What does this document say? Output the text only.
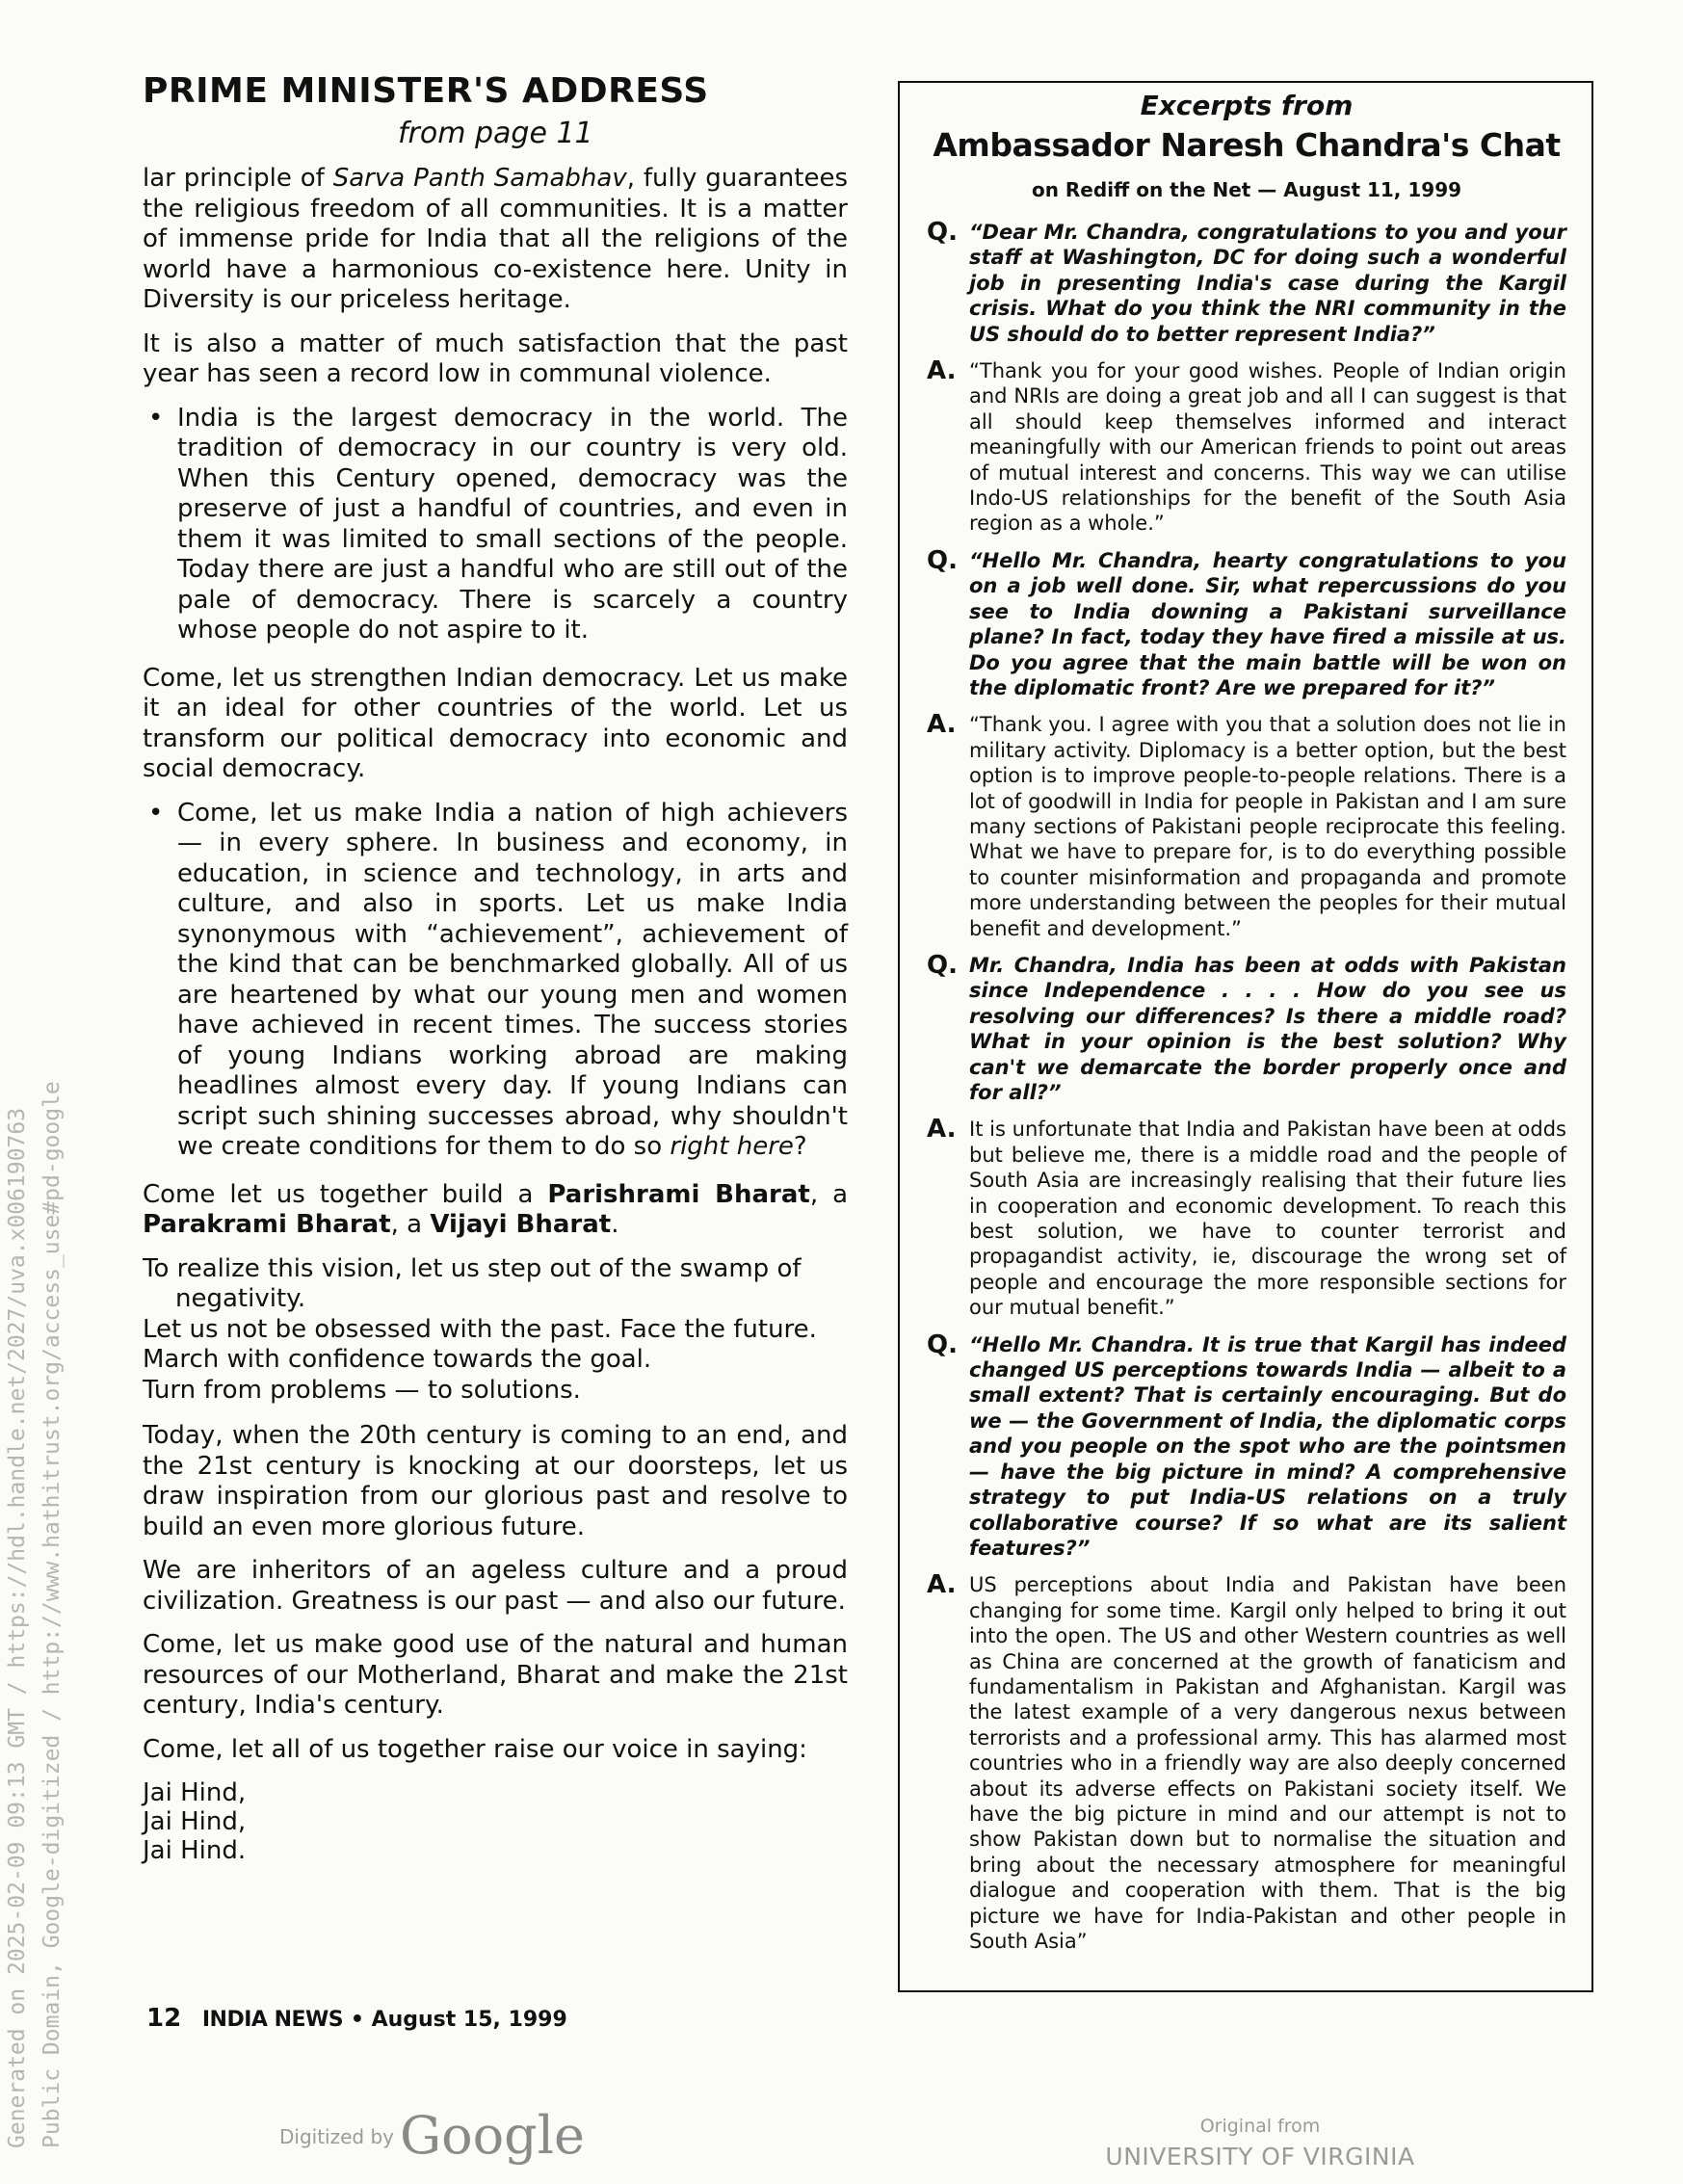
PRIME MINISTER'S ADDRESS
from page 11

lar principle of Sarva Panth Samabhav, fully guarantees the religious freedom of all communities. It is a matter of immense pride for India that all the religions of the world have a harmonious co-existence here. Unity in Diversity is our priceless heritage.

It is also a matter of much satisfaction that the past year has seen a record low in communal violence.

• India is the largest democracy in the world. The tradition of democracy in our country is very old. When this Century opened, democracy was the preserve of just a handful of countries, and even in them it was limited to small sections of the people. Today there are just a handful who are still out of the pale of democracy. There is scarcely a country whose people do not aspire to it.

Come, let us strengthen Indian democracy. Let us make it an ideal for other countries of the world. Let us transform our political democracy into economic and social democracy.

• Come, let us make India a nation of high achievers — in every sphere. In business and economy, in education, in science and technology, in arts and culture, and also in sports. Let us make India synonymous with “achievement”, achievement of the kind that can be benchmarked globally. All of us are heartened by what our young men and women have achieved in recent times. The success stories of young Indians working abroad are making headlines almost every day. If young Indians can script such shining successes abroad, why shouldn't we create conditions for them to do so right here?

Come let us together build a Parishrami Bharat, a Parakrami Bharat, a Vijayi Bharat.

To realize this vision, let us step out of the swamp of negativity.

Let us not be obsessed with the past. Face the future.

March with confidence towards the goal.

Turn from problems — to solutions.

Today, when the 20th century is coming to an end, and the 21st century is knocking at our doorsteps, let us draw inspiration from our glorious past and resolve to build an even more glorious future.

We are inheritors of an ageless culture and a proud civilization. Greatness is our past — and also our future.

Come, let us make good use of the natural and human resources of our Motherland, Bharat and make the 21st century, India's century.

Come, let all of us together raise our voice in saying:

Jai Hind,

Jai Hind,

Jai Hind.

12 INDIA NEWS • August 15, 1999
Excerpts from
Ambassador Naresh Chandra's Chat
on Rediff on the Net — August 11, 1999
Q. “Dear Mr. Chandra, congratulations to you and your staff at Washington, DC for doing such a wonderful job in presenting India's case during the Kargil crisis. What do you think the NRI community in the US should do to better represent India?”
A. “Thank you for your good wishes. People of Indian origin and NRIs are doing a great job and all I can suggest is that all should keep themselves informed and interact meaningfully with our American friends to point out areas of mutual interest and concerns. This way we can utilise Indo-US relationships for the benefit of the South Asia region as a whole.”
Q. “Hello Mr. Chandra, hearty congratulations to you on a job well done. Sir, what repercussions do you see to India downing a Pakistani surveillance plane? In fact, today they have fired a missile at us. Do you agree that the main battle will be won on the diplomatic front? Are we prepared for it?”
A. “Thank you. I agree with you that a solution does not lie in military activity. Diplomacy is a better option, but the best option is to improve people-to-people relations. There is a lot of goodwill in India for people in Pakistan and I am sure many sections of Pakistani people reciprocate this feeling. What we have to prepare for, is to do everything possible to counter misinformation and propaganda and promote more understanding between the peoples for their mutual benefit and development.”
Q. Mr. Chandra, India has been at odds with Pakistan since Independence . . . . How do you see us resolving our differences? Is there a middle road? What in your opinion is the best solution? Why can't we demarcate the border properly once and for all?”
A. It is unfortunate that India and Pakistan have been at odds but believe me, there is a middle road and the people of South Asia are increasingly realising that their future lies in cooperation and economic development. To reach this best solution, we have to counter terrorist and propagandist activity, ie, discourage the wrong set of people and encourage the more responsible sections for our mutual benefit.”
Q. “Hello Mr. Chandra. It is true that Kargil has indeed changed US perceptions towards India — albeit to a small extent? That is certainly encouraging. But do we — the Government of India, the diplomatic corps and you people on the spot who are the pointsmen — have the big picture in mind? A comprehensive strategy to put India-US relations on a truly collaborative course? If so what are its salient features?”
A. US perceptions about India and Pakistan have been changing for some time. Kargil only helped to bring it out into the open. The US and other Western countries as well as China are concerned at the growth of fanaticism and fundamentalism in Pakistan and Afghanistan. Kargil was the latest example of a very dangerous nexus between terrorists and a professional army. This has alarmed most countries who in a friendly way are also deeply concerned about its adverse effects on Pakistani society itself. We have the big picture in mind and our attempt is not to show Pakistan down but to normalise the situation and bring about the necessary atmosphere for meaningful dialogue and cooperation with them. That is the big picture we have for India-Pakistan and other people in South Asia”
Generated on 2025-02-09 09:13 GMT / https://hdl.handle.net/2027/uva.x006190763 Public Domain, Google-digitized / http://www.hathitrust.org/access_use#pd-google	Digitized by Google	Original from
UNIVERSITY OF VIRGINIA
